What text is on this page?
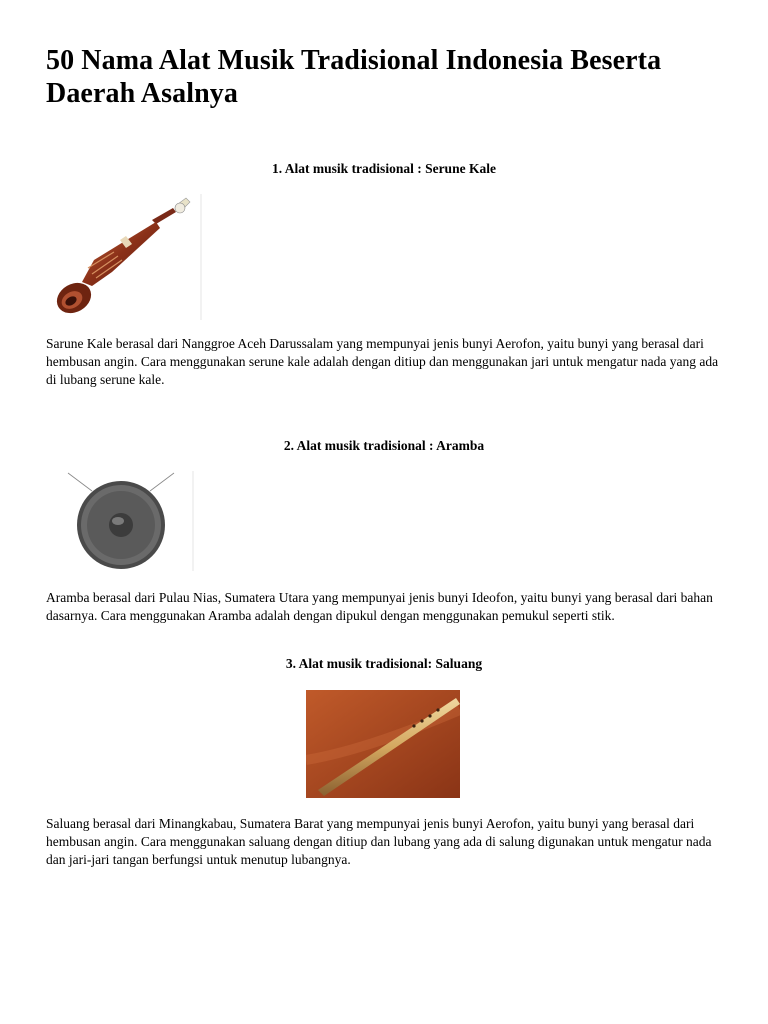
50 Nama Alat Musik Tradisional Indonesia Beserta Daerah Asalnya
1. Alat musik tradisional : Serune Kale

Sarune Kale berasal dari Nanggroe Aceh Darussalam yang mempunyai jenis bunyi Aerofon, yaitu bunyi yang berasal dari hembusan angin. Cara menggunakan serune kale adalah dengan ditiup dan menggunakan jari untuk mengatur nada yang ada di lubang serune kale.

2. Alat musik tradisional : Aramba

Aramba berasal dari Pulau Nias, Sumatera Utara yang mempunyai jenis bunyi Ideofon, yaitu bunyi yang berasal dari bahan dasarnya. Cara menggunakan Aramba adalah dengan dipukul dengan menggunakan pemukul seperti stik.

3. Alat musik tradisional: Saluang

Saluang berasal dari Minangkabau, Sumatera Barat yang mempunyai jenis bunyi Aerofon, yaitu bunyi yang berasal dari hembusan angin. Cara menggunakan saluang dengan ditiup dan lubang yang ada di salung digunakan untuk mengatur nada dan jari-jari tangan berfungsi untuk menutup lubangnya.
